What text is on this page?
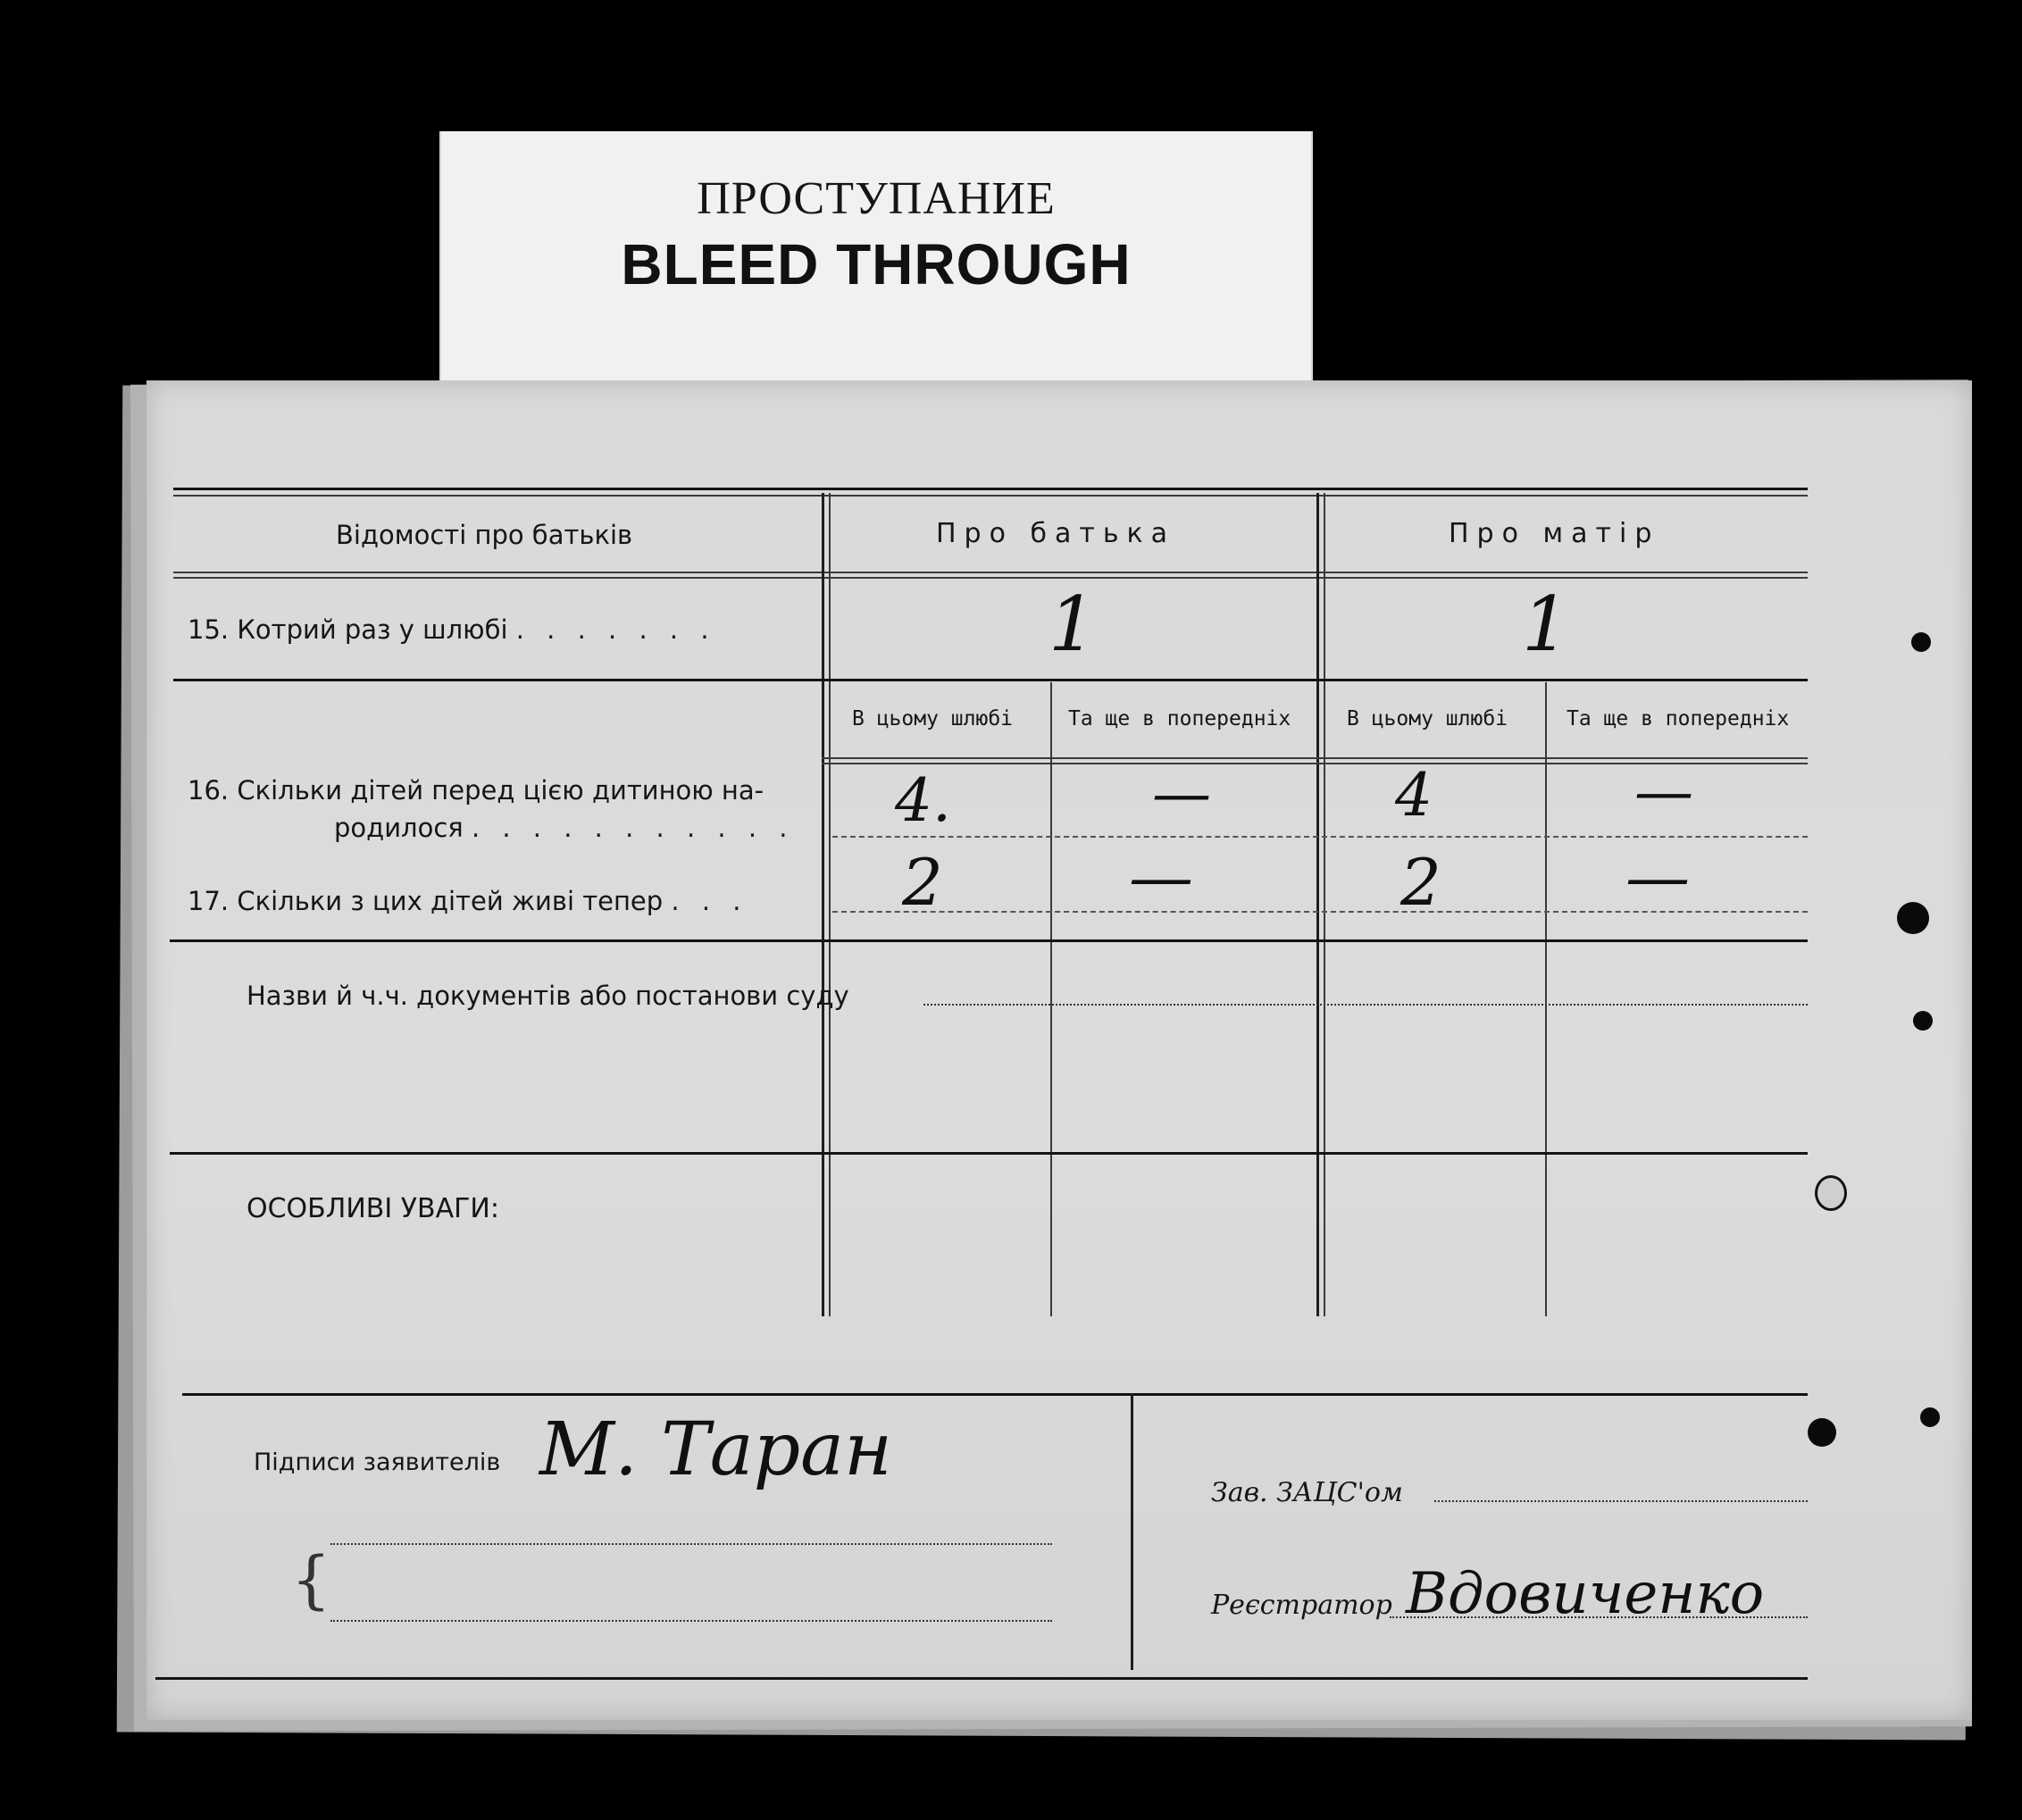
ПРОСТУПАНИЕ
BLEED THROUGH
Відомості про батьків	Про батька	Про матір
15. Котрий раз у шлюбі . . . . . . .	1	1
В цьому шлюбі	Та ще в попередніх	В цьому шлюбі	Та ще в попередніх
16. Скільки дітей перед цією дитиною на-
родилося . . . . . . . . . . . 4.	—	4	—
17. Скільки з цих дітей живі тепер . . . 2	—	2	—
Назви й ч.ч. документів або постанови суду
ОСОБЛИВІ УВАГИ:
Підписи заявителів М. Таран
{
Зав. ЗАЦС'ом
Реєстратор Вдовиченко
